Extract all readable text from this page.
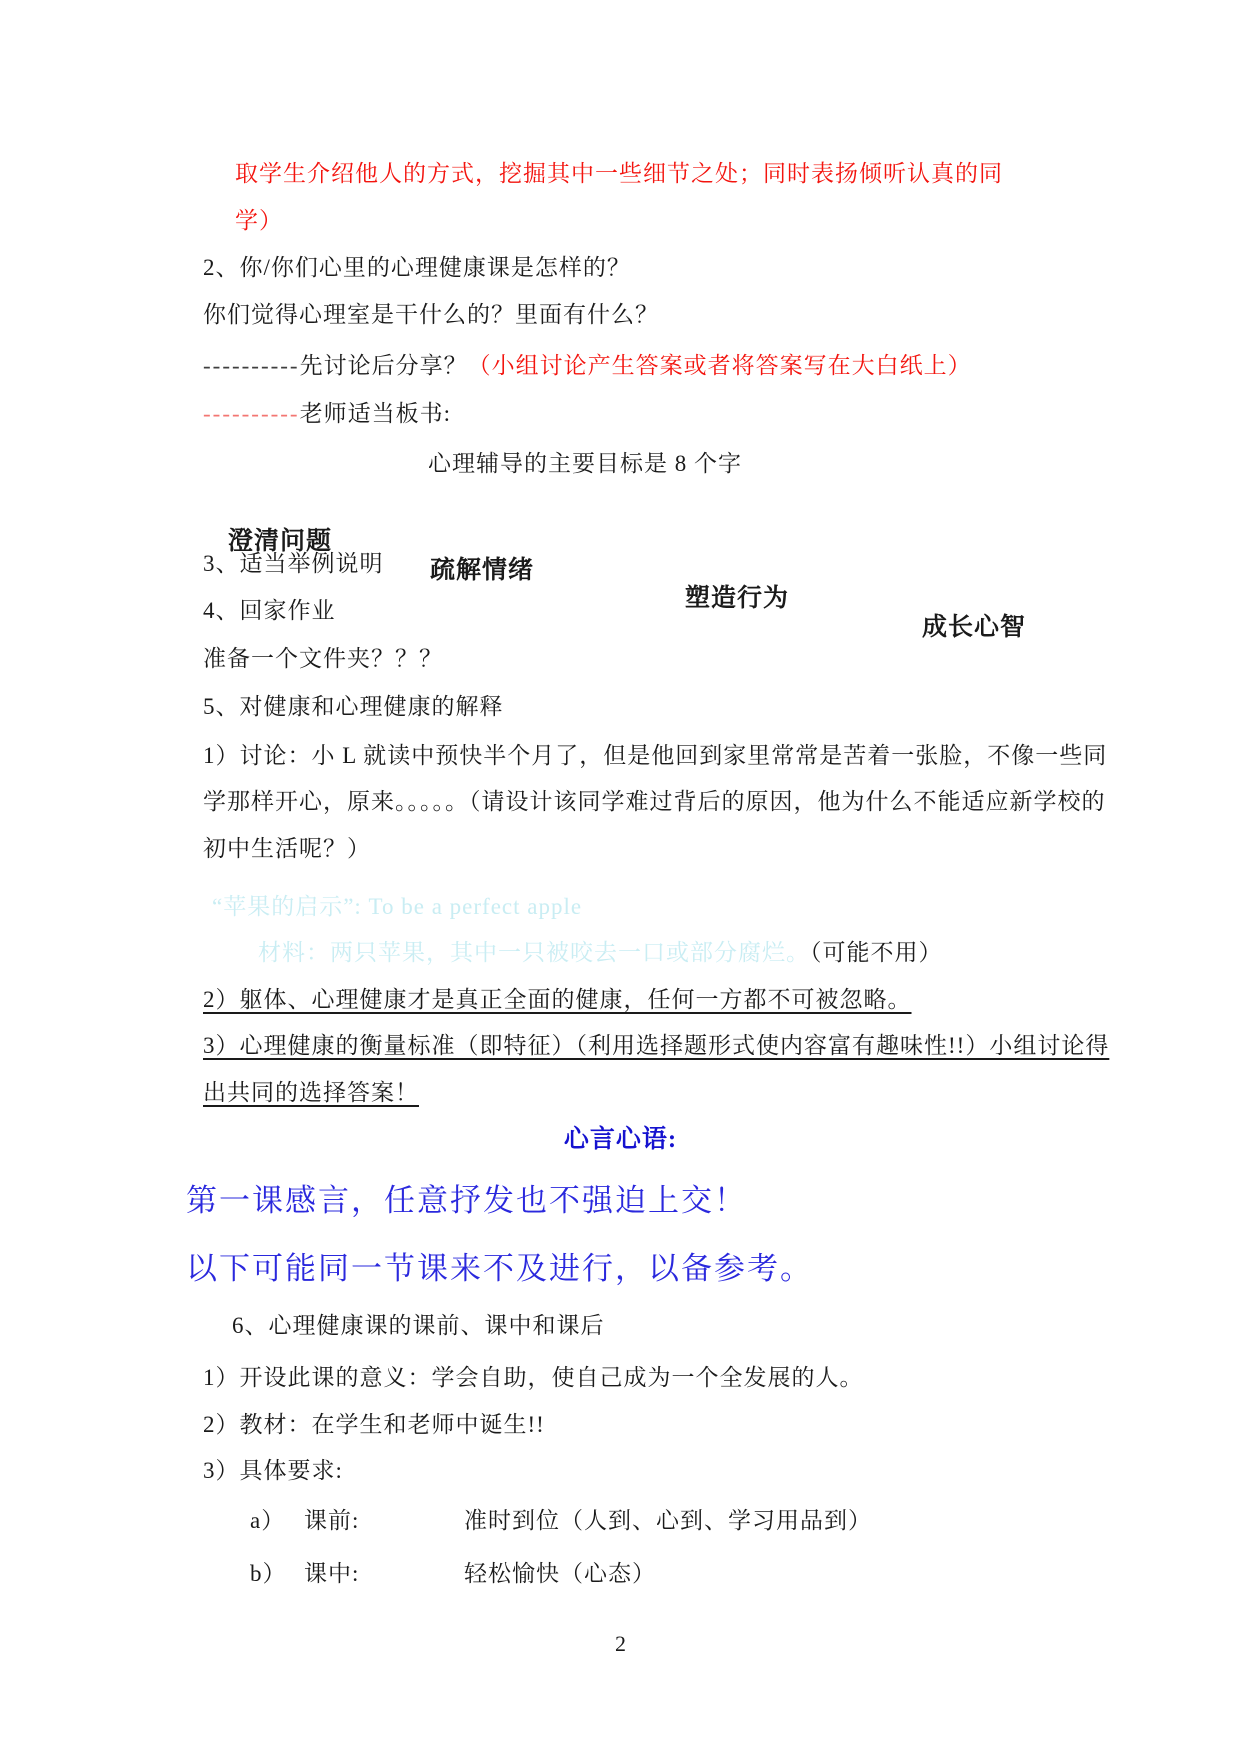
取学生介绍他人的方式，挖掘其中一些细节之处；同时表扬倾听认真的同
学）
2、你/你们心里的心理健康课是怎样的？
你们觉得心理室是干什么的？里面有什么？
----------先讨论后分享？（小组讨论产生答案或者将答案写在大白纸上）
----------老师适当板书:
心理辅导的主要目标是 8 个字

澄清问题

疏解情绪

塑造行为

成长心智

3、适当举例说明
4、回家作业
准备一个文件夹？？？
5、对健康和心理健康的解释
1）讨论：小 L 就读中预快半个月了，但是他回到家里常常是苦着一张脸，不像一些同
学那样开心，原来。。。。。（请设计该同学难过背后的原因，他为什么不能适应新学校的
初中生活呢？）
“苹果的启示”: To be a perfect apple
材料：两只苹果，其中一只被咬去一口或部分腐烂。（可能不用）
2）躯体、心理健康才是真正全面的健康，任何一方都不可被忽略。
3）心理健康的衡量标准（即特征）（利用选择题形式使内容富有趣味性!!）小组讨论得
出共同的选择答案！
心言心语:
第一课感言，任意抒发也不强迫上交！
以下可能同一节课来不及进行，以备参考。
6、心理健康课的课前、课中和课后
1）开设此课的意义：学会自助，使自己成为一个全发展的人。
2）教材：在学生和老师中诞生!!
3）具体要求:
a） 课前:	准时到位（人到、心到、学习用品到）
b） 课中:	轻松愉快（心态）
2
